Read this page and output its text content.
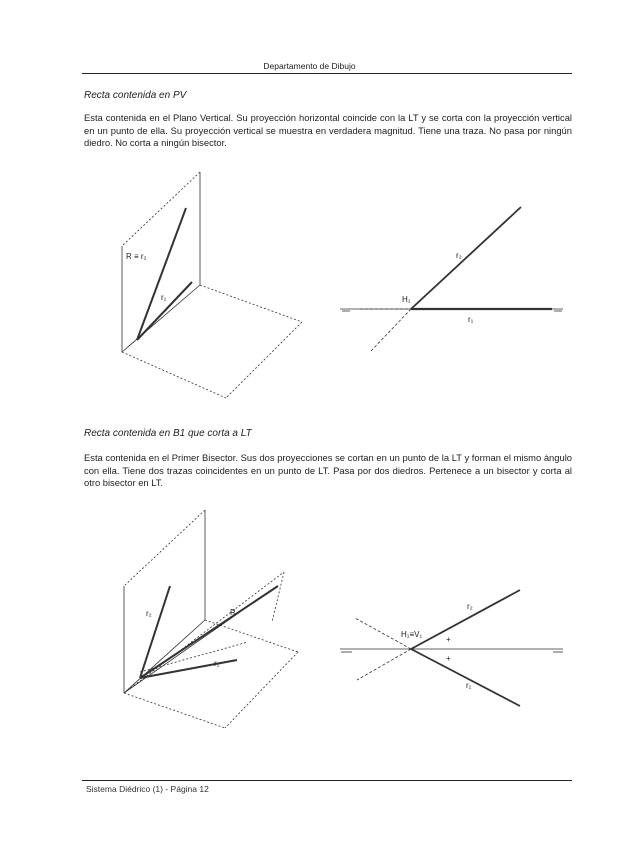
Departamento de Dibujo
Recta contenida en PV
Esta contenida en el Plano Vertical. Su proyección horizontal coincide con la LT y se corta con la proyección vertical en un punto de ella. Su proyección vertical se muestra en verdadera magnitud. Tiene una traza. No pasa por ningún diedro. No corta a ningún bisector.
Recta contenida en B1 que corta a LT
Esta contenida en el Primer Bisector. Sus dos proyecciones se cortan en un punto de la LT y forman el mismo ángulo con ella. Tiene dos trazas coincidentes en un punto de LT. Pasa por dos diedros. Pertenece a un bisector y corta al otro bisector en LT.
R ≡ r₂
r₁
r₂
H₁
r₁
r₂	R
r₁
r₂
H₁≡V₁
+
+
r₁
Sistema Diédrico (1) - Página 12
